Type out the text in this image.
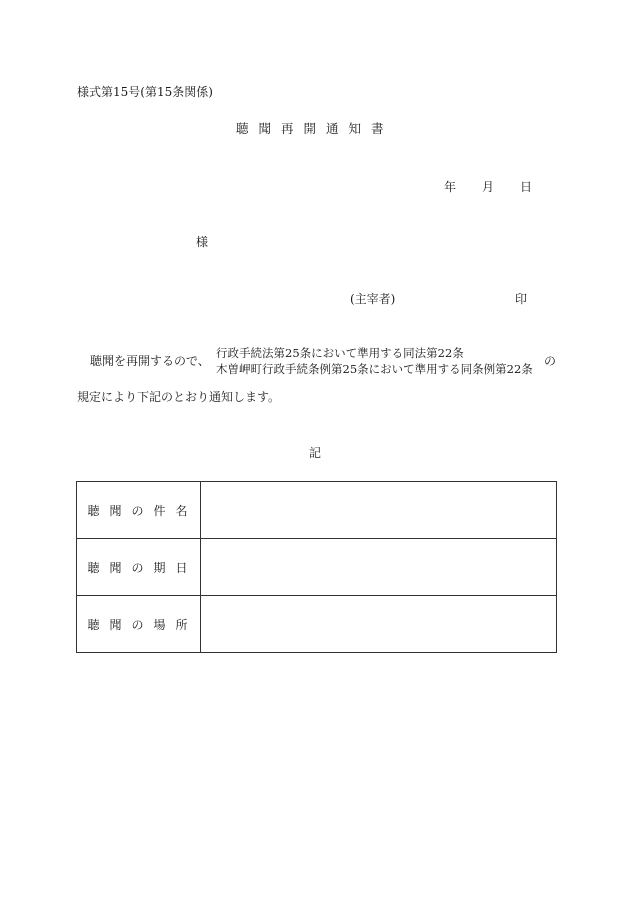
様式第15号(第15条関係)
聴聞再開通知書
年 月 日
様
(主宰者)	印
聴聞を再開するので、
行政手続法第25条において準用する同法第22条
木曽岬町行政手続条例第25条において準用する同条例第22条
の
規定により下記のとおり通知します。
記
聴聞の件名	
聴聞の期日	
聴聞の場所	
